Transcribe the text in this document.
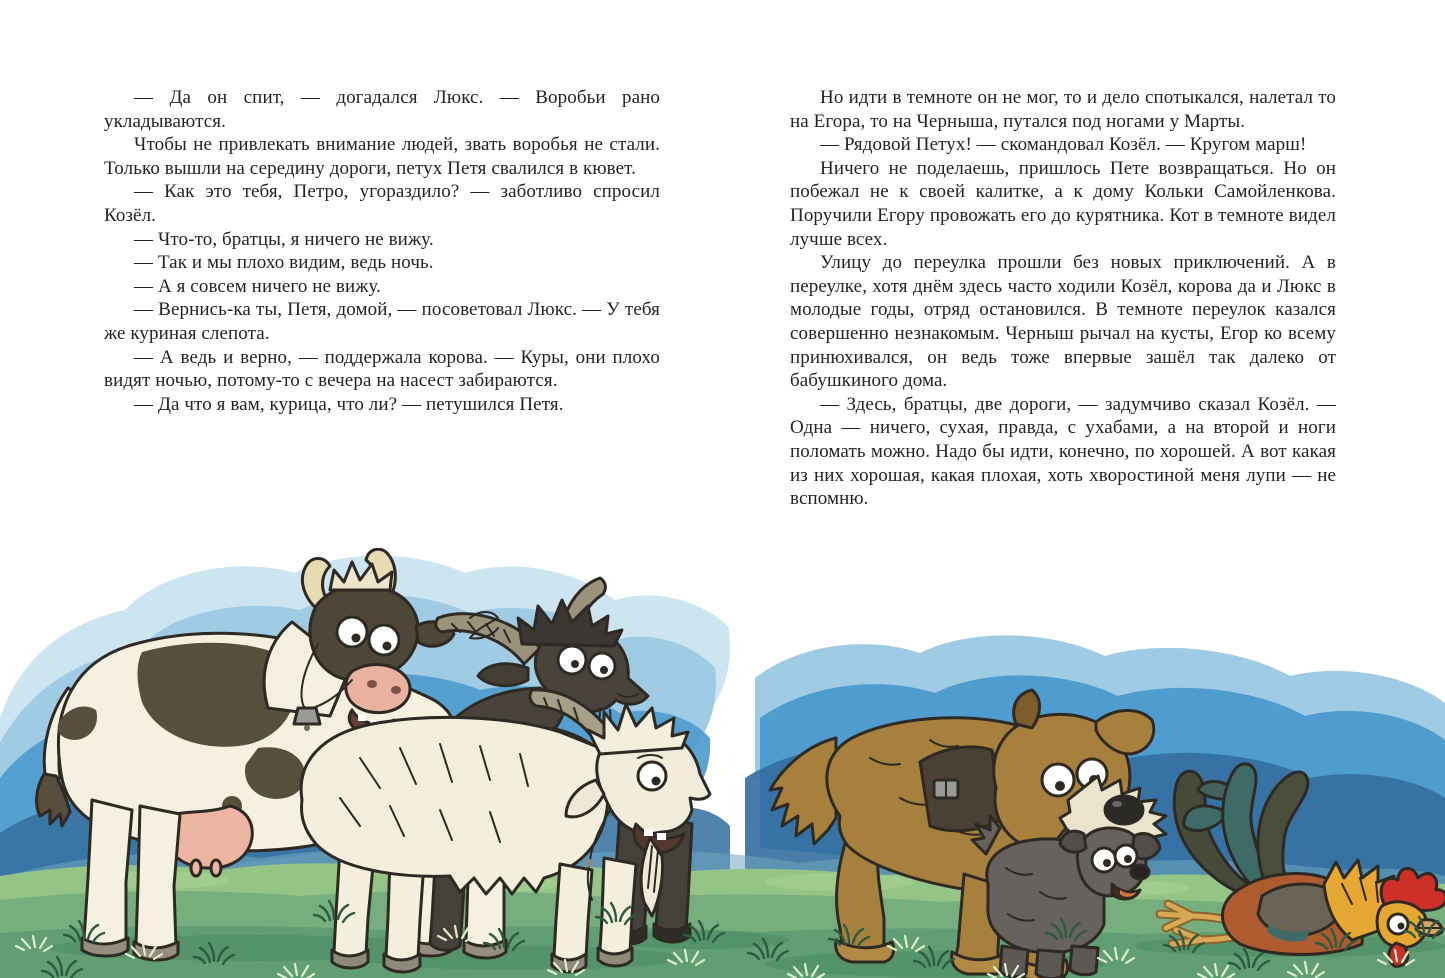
— Да он спит, — догадался Люкс. — Воробьи рано укладываются.

Чтобы не привлекать внимание людей, звать воробья не стали. Только вышли на середину дороги, петух Петя свалился в кювет.

— Как это тебя, Петро, угораздило? — заботливо спросил Козёл.

— Что-то, братцы, я ничего не вижу.

— Так и мы плохо видим, ведь ночь.

— А я совсем ничего не вижу.

— Вернись-ка ты, Петя, домой, — посоветовал Люкс. — У тебя же куриная слепота.

— А ведь и верно, — поддержала корова. — Куры, они плохо видят ночью, потому-то с вечера на насест забираются.

— Да что я вам, курица, что ли? — петушился Петя.

Но идти в темноте он не мог, то и дело спотыкался, налетал то на Егора, то на Черныша, путался под ногами у Марты.

— Рядовой Петух! — скомандовал Козёл. — Кругом марш!

Ничего не поделаешь, пришлось Пете возвращаться. Но он побежал не к своей калитке, а к дому Кольки Самойленкова. Поручили Егору провожать его до курятника. Кот в темноте видел лучше всех.

Улицу до переулка прошли без новых приключений. А в переулке, хотя днём здесь часто ходили Козёл, корова да и Люкс в молодые годы, отряд остановился. В темноте переулок казался совершенно незнакомым. Черныш рычал на кусты, Егор ко всему принюхивался, он ведь тоже впервые зашёл так далеко от бабушкиного дома.

— Здесь, братцы, две дороги, — задумчиво сказал Козёл. — Одна — ничего, сухая, правда, с ухабами, а на второй и ноги поломать можно. Надо бы идти, конечно, по хорошей. А вот какая из них хорошая, какая плохая, хоть хворостиной меня лупи — не вспомню.
